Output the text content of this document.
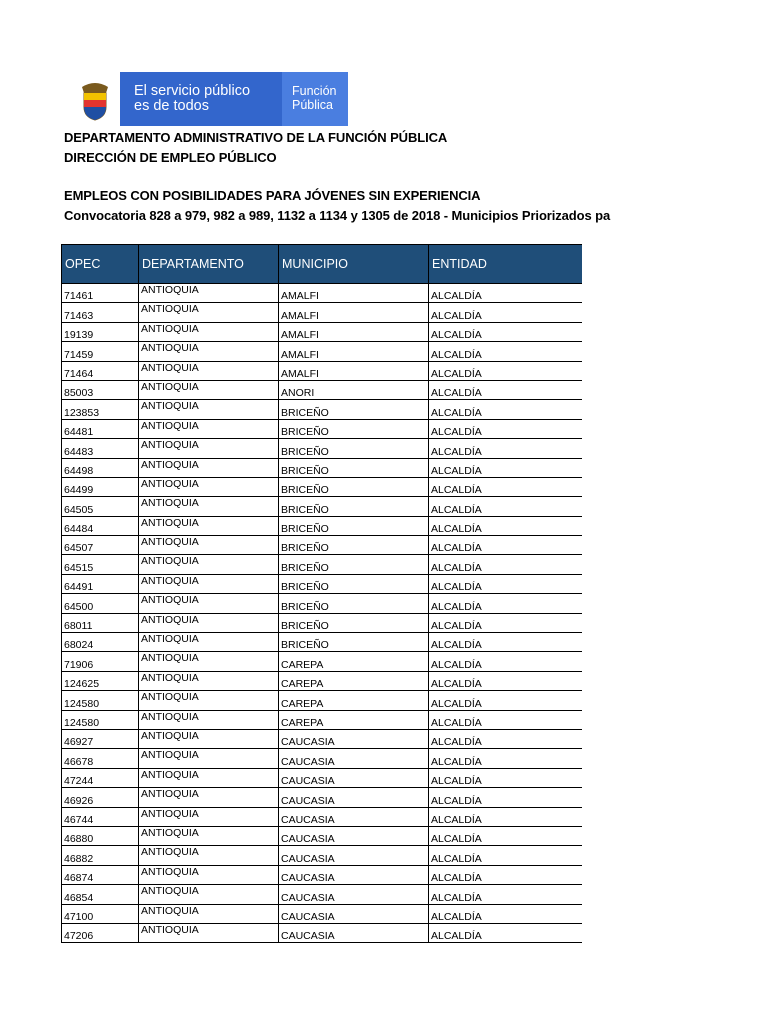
El servicio público
es de todos
Función
Pública
DEPARTAMENTO ADMINISTRATIVO DE LA FUNCIÓN PÚBLICA
DIRECCIÓN DE EMPLEO PÚBLICO
EMPLEOS CON POSIBILIDADES PARA JÓVENES SIN EXPERIENCIA
Convocatoria 828 a 979, 982 a 989, 1132 a 1134 y 1305 de 2018 - Municipios Priorizados pa
OPEC	DEPARTAMENTO	MUNICIPIO	ENTIDAD
71461	ANTIOQUIA	AMALFI	ALCALDÍA
71463	ANTIOQUIA	AMALFI	ALCALDÍA
19139	ANTIOQUIA	AMALFI	ALCALDÍA
71459	ANTIOQUIA	AMALFI	ALCALDÍA
71464	ANTIOQUIA	AMALFI	ALCALDÍA
85003	ANTIOQUIA	ANORI	ALCALDÍA
123853	ANTIOQUIA	BRICEÑO	ALCALDÍA
64481	ANTIOQUIA	BRICEÑO	ALCALDÍA
64483	ANTIOQUIA	BRICEÑO	ALCALDÍA
64498	ANTIOQUIA	BRICEÑO	ALCALDÍA
64499	ANTIOQUIA	BRICEÑO	ALCALDÍA
64505	ANTIOQUIA	BRICEÑO	ALCALDÍA
64484	ANTIOQUIA	BRICEÑO	ALCALDÍA
64507	ANTIOQUIA	BRICEÑO	ALCALDÍA
64515	ANTIOQUIA	BRICEÑO	ALCALDÍA
64491	ANTIOQUIA	BRICEÑO	ALCALDÍA
64500	ANTIOQUIA	BRICEÑO	ALCALDÍA
68011	ANTIOQUIA	BRICEÑO	ALCALDÍA
68024	ANTIOQUIA	BRICEÑO	ALCALDÍA
71906	ANTIOQUIA	CAREPA	ALCALDÍA
124625	ANTIOQUIA	CAREPA	ALCALDÍA
124580	ANTIOQUIA	CAREPA	ALCALDÍA
124580	ANTIOQUIA	CAREPA	ALCALDÍA
46927	ANTIOQUIA	CAUCASIA	ALCALDÍA
46678	ANTIOQUIA	CAUCASIA	ALCALDÍA
47244	ANTIOQUIA	CAUCASIA	ALCALDÍA
46926	ANTIOQUIA	CAUCASIA	ALCALDÍA
46744	ANTIOQUIA	CAUCASIA	ALCALDÍA
46880	ANTIOQUIA	CAUCASIA	ALCALDÍA
46882	ANTIOQUIA	CAUCASIA	ALCALDÍA
46874	ANTIOQUIA	CAUCASIA	ALCALDÍA
46854	ANTIOQUIA	CAUCASIA	ALCALDÍA
47100	ANTIOQUIA	CAUCASIA	ALCALDÍA
47206	ANTIOQUIA	CAUCASIA	ALCALDÍA
